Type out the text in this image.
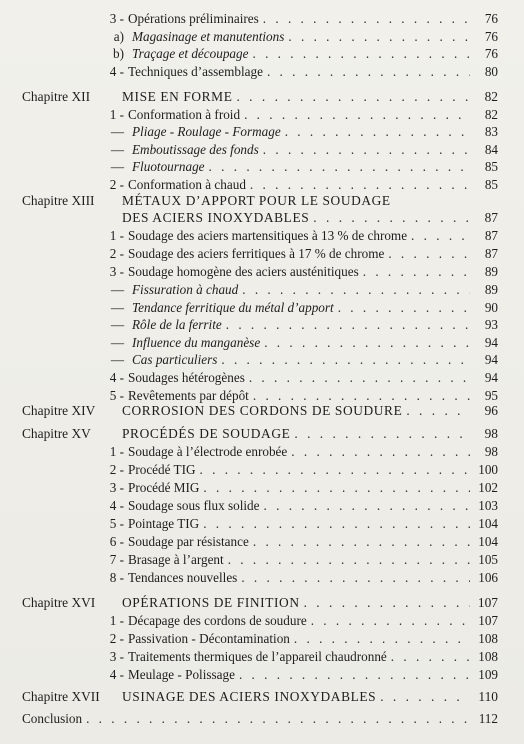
3 - Opérations préliminaires . . .	76
a) Magasinage et manutentions . . .	76
b) Traçage et découpage . . .	76
4 - Techniques d’assemblage . . .	80
Chapitre XII	MISE EN FORME . . .	82
1 - Conformation à froid . . .	82
— Pliage - Roulage - Formage . . .	83
— Emboutissage des fonds . . .	84
— Fluotournage . . .	85
2 - Conformation à chaud . . .	85
Chapitre XIII	MÉTAUX D’APPORT POUR LE SOUDAGE
DES ACIERS INOXYDABLES . . .	87
1 - Soudage des aciers martensitiques à 13 % de chrome . . .	87
2 - Soudage des aciers ferritiques à 17 % de chrome . . .	87
3 - Soudage homogène des aciers austénitiques . . .	89
— Fissuration à chaud . . .	89
— Tendance ferritique du métal d’apport . . .	90
— Rôle de la ferrite . . .	93
— Influence du manganèse . . .	94
— Cas particuliers . . .	94
4 - Soudages hétérogènes . . .	94
5 - Revêtements par dépôt . . .	95
Chapitre XIV	CORROSION DES CORDONS DE SOUDURE . . .	96
Chapitre XV	PROCÉDÉS DE SOUDAGE . . .	98
1 - Soudage à l’électrode enrobée . . .	98
2 - Procédé TIG . . .	100
3 - Procédé MIG . . .	102
4 - Soudage sous flux solide . . .	103
5 - Pointage TIG . . .	104
6 - Soudage par résistance . . .	104
7 - Brasage à l’argent . . .	105
8 - Tendances nouvelles . . .	106
Chapitre XVI	OPÉRATIONS DE FINITION . . .	107
1 - Décapage des cordons de soudure . . .	107
2 - Passivation - Décontamination . . .	108
3 - Traitements thermiques de l’appareil chaudronné . . .	108
4 - Meulage - Polissage . . .	109
Chapitre XVII	USINAGE DES ACIERS INOXYDABLES . . .	110
Conclusion . . .	112
